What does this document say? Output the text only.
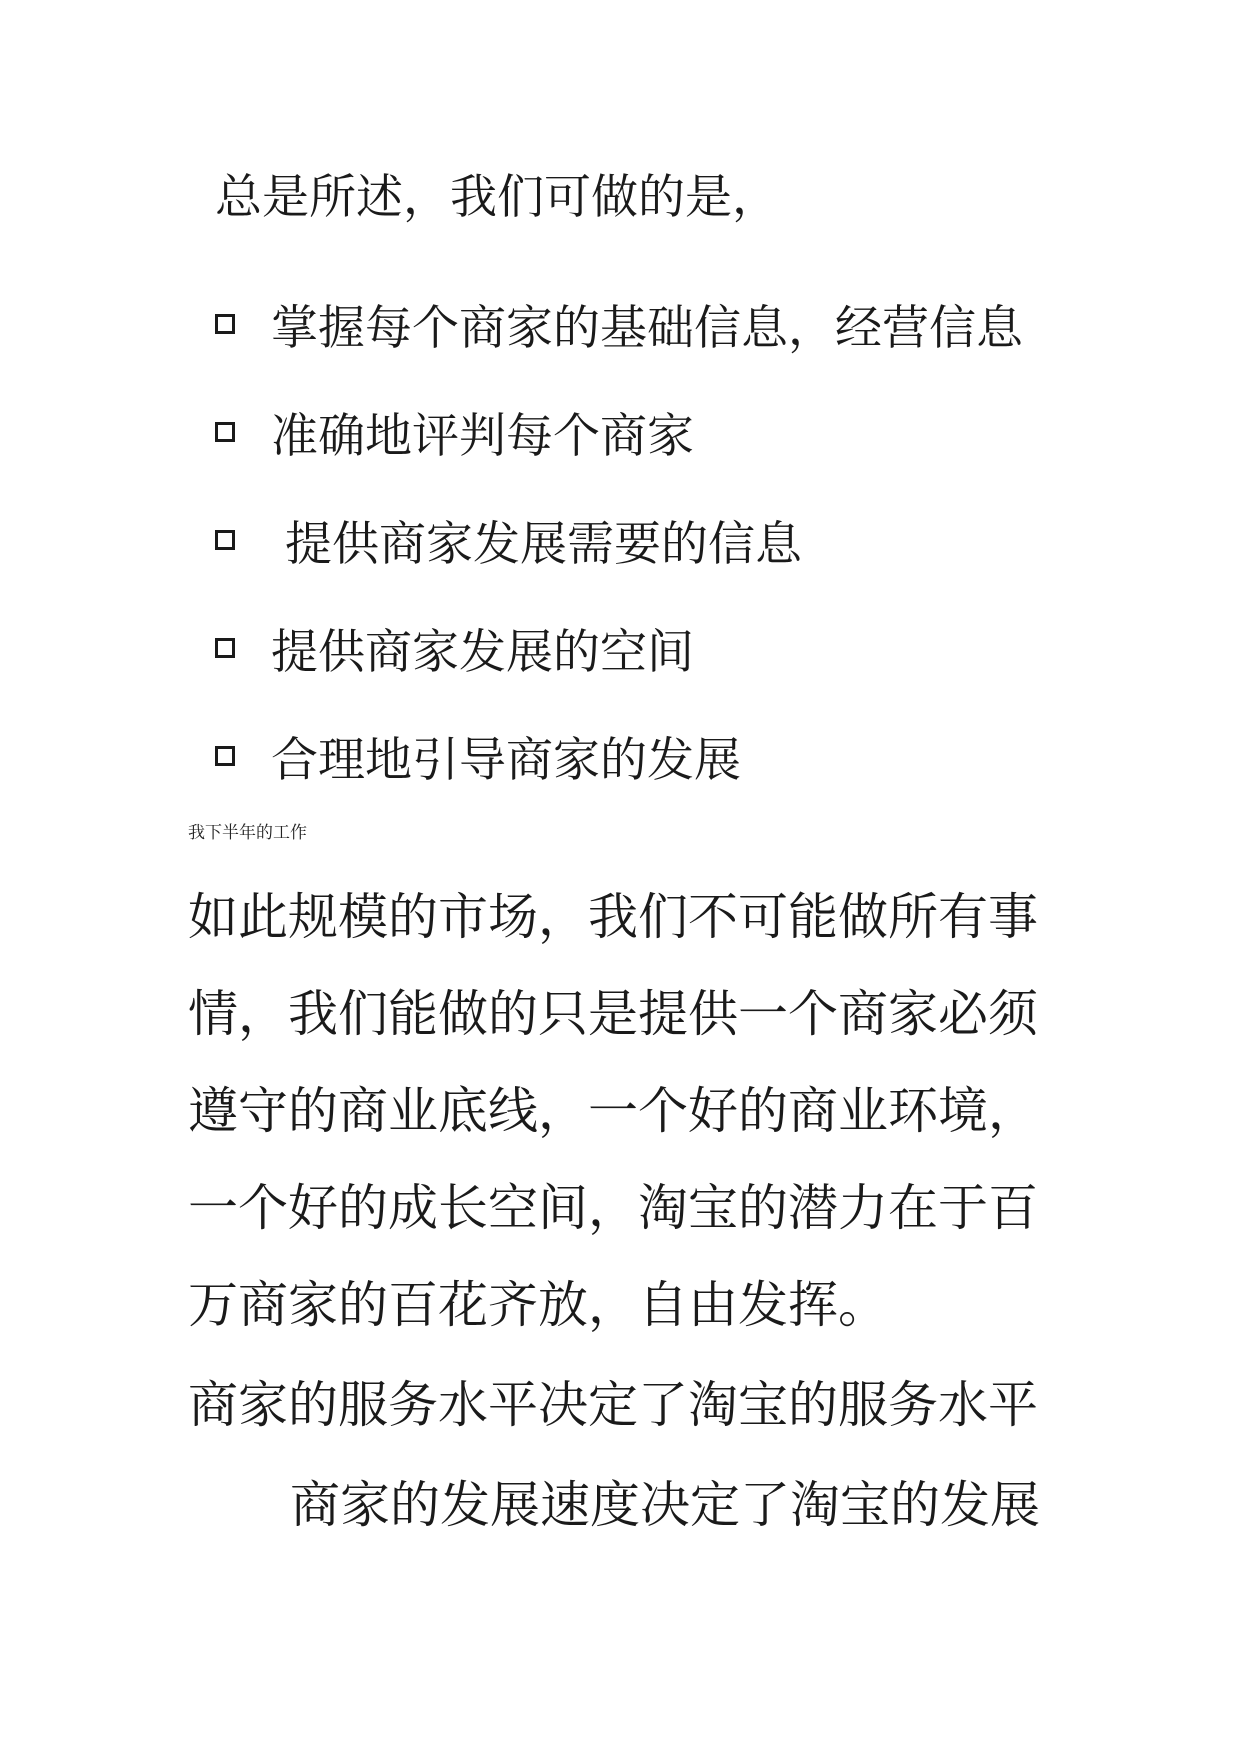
总是所述，我们可做的是，

掌握每个商家的基础信息，经营信息
准确地评判每个商家
提供商家发展需要的信息
提供商家发展的空间
合理地引导商家的发展

我下半年的工作

如此规模的市场，我们不可能做所有事
情，我们能做的只是提供一个商家必须
遵守的商业底线，一个好的商业环境，
一个好的成长空间，淘宝的潜力在于百
万商家的百花齐放，自由发挥。

商家的服务水平决定了淘宝的服务水平

商家的发展速度决定了淘宝的发展
